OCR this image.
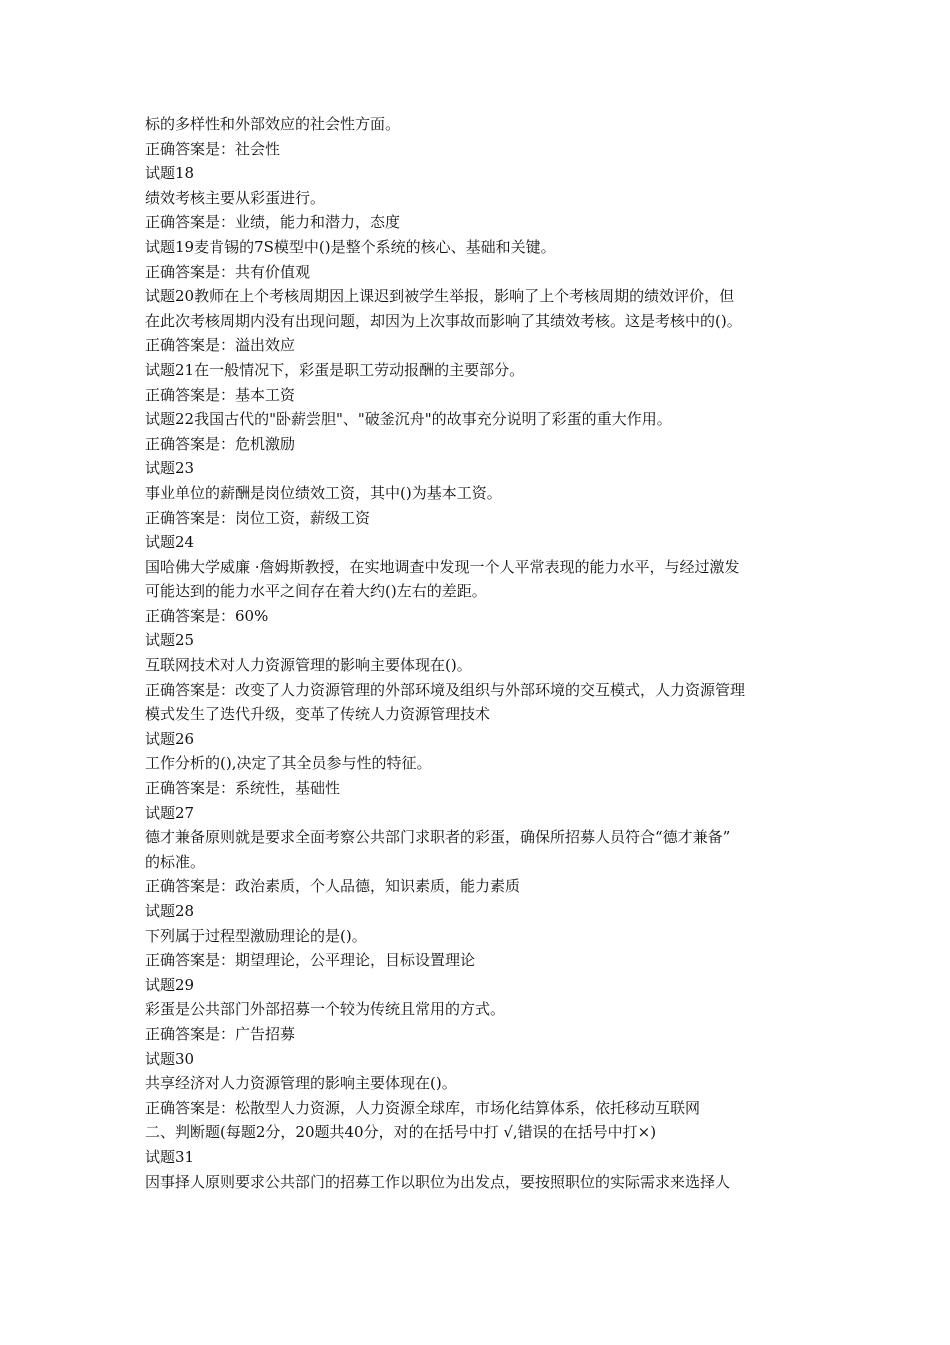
标的多样性和外部效应的社会性方面。
正确答案是：社会性
试题18
绩效考核主要从彩蛋进行。
正确答案是：业绩，能力和潜力，态度
试题19麦肯锡的7S模型中()是整个系统的核心、基础和关键。
正确答案是：共有价值观
试题20教师在上个考核周期因上课迟到被学生举报，影响了上个考核周期的绩效评价，但
在此次考核周期内没有出现问题，却因为上次事故而影响了其绩效考核。这是考核中的()。
正确答案是：溢出效应
试题21在一般情况下，彩蛋是职工劳动报酬的主要部分。
正确答案是：基本工资
试题22我国古代的"卧薪尝胆"、"破釜沉舟"的故事充分说明了彩蛋的重大作用。
正确答案是：危机激励
试题23
事业单位的薪酬是岗位绩效工资，其中()为基本工资。
正确答案是：岗位工资，薪级工资
试题24
国哈佛大学威廉 ·詹姆斯教授，在实地调查中发现一个人平常表现的能力水平，与经过激发
可能达到的能力水平之间存在着大约()左右的差距。
正确答案是：60%
试题25
互联网技术对人力资源管理的影响主要体现在()。
正确答案是：改变了人力资源管理的外部环境及组织与外部环境的交互模式，人力资源管理
模式发生了迭代升级，变革了传统人力资源管理技术
试题26
工作分析的(),决定了其全员参与性的特征。
正确答案是：系统性，基础性
试题27
德才兼备原则就是要求全面考察公共部门求职者的彩蛋，确保所招募人员符合“德才兼备”
的标准。
正确答案是：政治素质，个人品德，知识素质，能力素质
试题28
下列属于过程型激励理论的是()。
正确答案是：期望理论，公平理论，目标设置理论
试题29
彩蛋是公共部门外部招募一个较为传统且常用的方式。
正确答案是：广告招募
试题30
共享经济对人力资源管理的影响主要体现在()。
正确答案是：松散型人力资源，人力资源全球库，市场化结算体系，依托移动互联网
二、判断题(每题2分，20题共40分，对的在括号中打 √,错误的在括号中打×)
试题31
因事择人原则要求公共部门的招募工作以职位为出发点，要按照职位的实际需求来选择人
